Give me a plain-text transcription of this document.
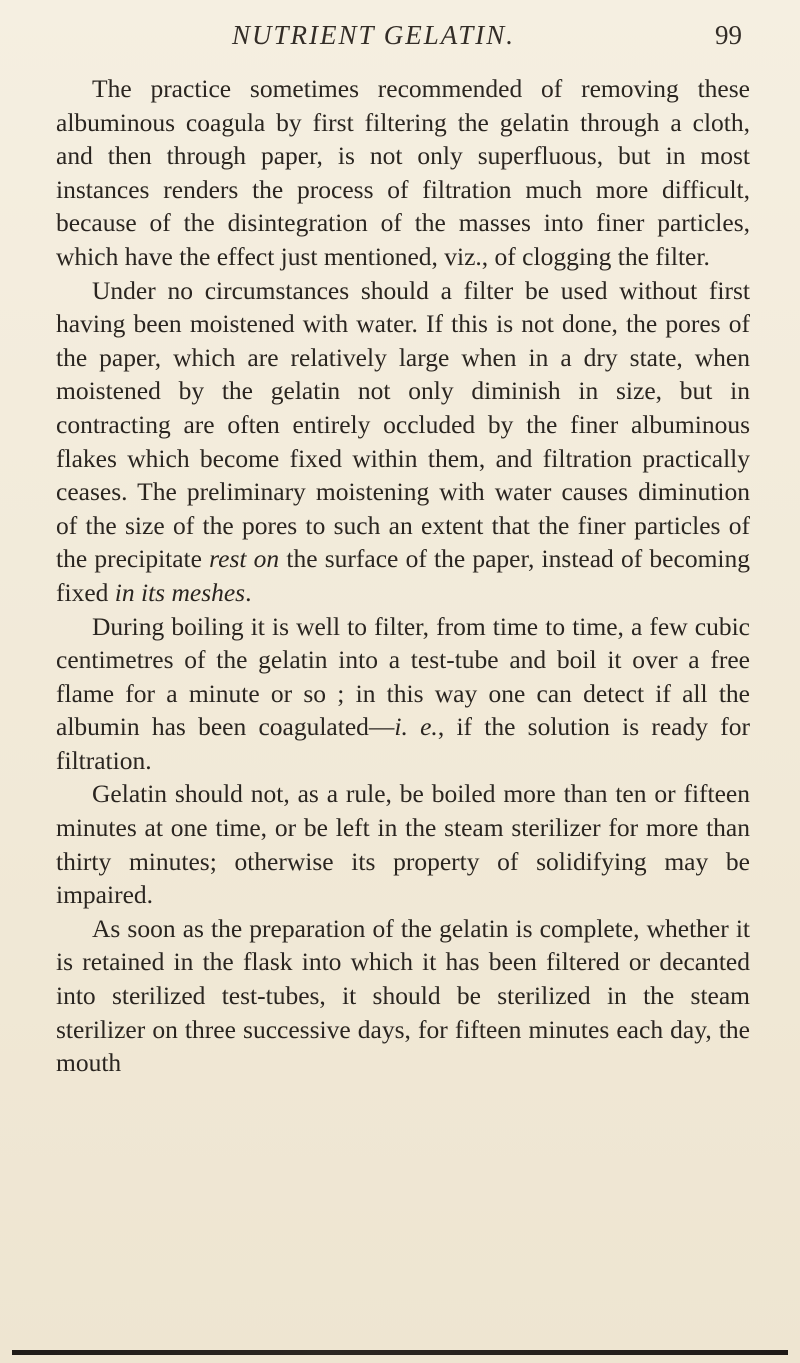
NUTRIENT GELATIN.	99

The practice sometimes recommended of removing these albuminous coagula by first filtering the gelatin through a cloth, and then through paper, is not only superfluous, but in most instances renders the process of filtration much more difficult, because of the disintegration of the masses into finer particles, which have the effect just mentioned, viz., of clogging the filter.

Under no circumstances should a filter be used without first having been moistened with water. If this is not done, the pores of the paper, which are relatively large when in a dry state, when moistened by the gelatin not only diminish in size, but in contracting are often entirely occluded by the finer albuminous flakes which become fixed within them, and filtration practically ceases. The preliminary moistening with water causes diminution of the size of the pores to such an extent that the finer particles of the precipitate rest on the surface of the paper, instead of becoming fixed in its meshes.

During boiling it is well to filter, from time to time, a few cubic centimetres of the gelatin into a test-tube and boil it over a free flame for a minute or so ; in this way one can detect if all the albumin has been coagulated—i. e., if the solution is ready for filtration.

Gelatin should not, as a rule, be boiled more than ten or fifteen minutes at one time, or be left in the steam sterilizer for more than thirty minutes; otherwise its property of solidifying may be impaired.

As soon as the preparation of the gelatin is complete, whether it is retained in the flask into which it has been filtered or decanted into sterilized test-tubes, it should be sterilized in the steam sterilizer on three successive days, for fifteen minutes each day, the mouth
